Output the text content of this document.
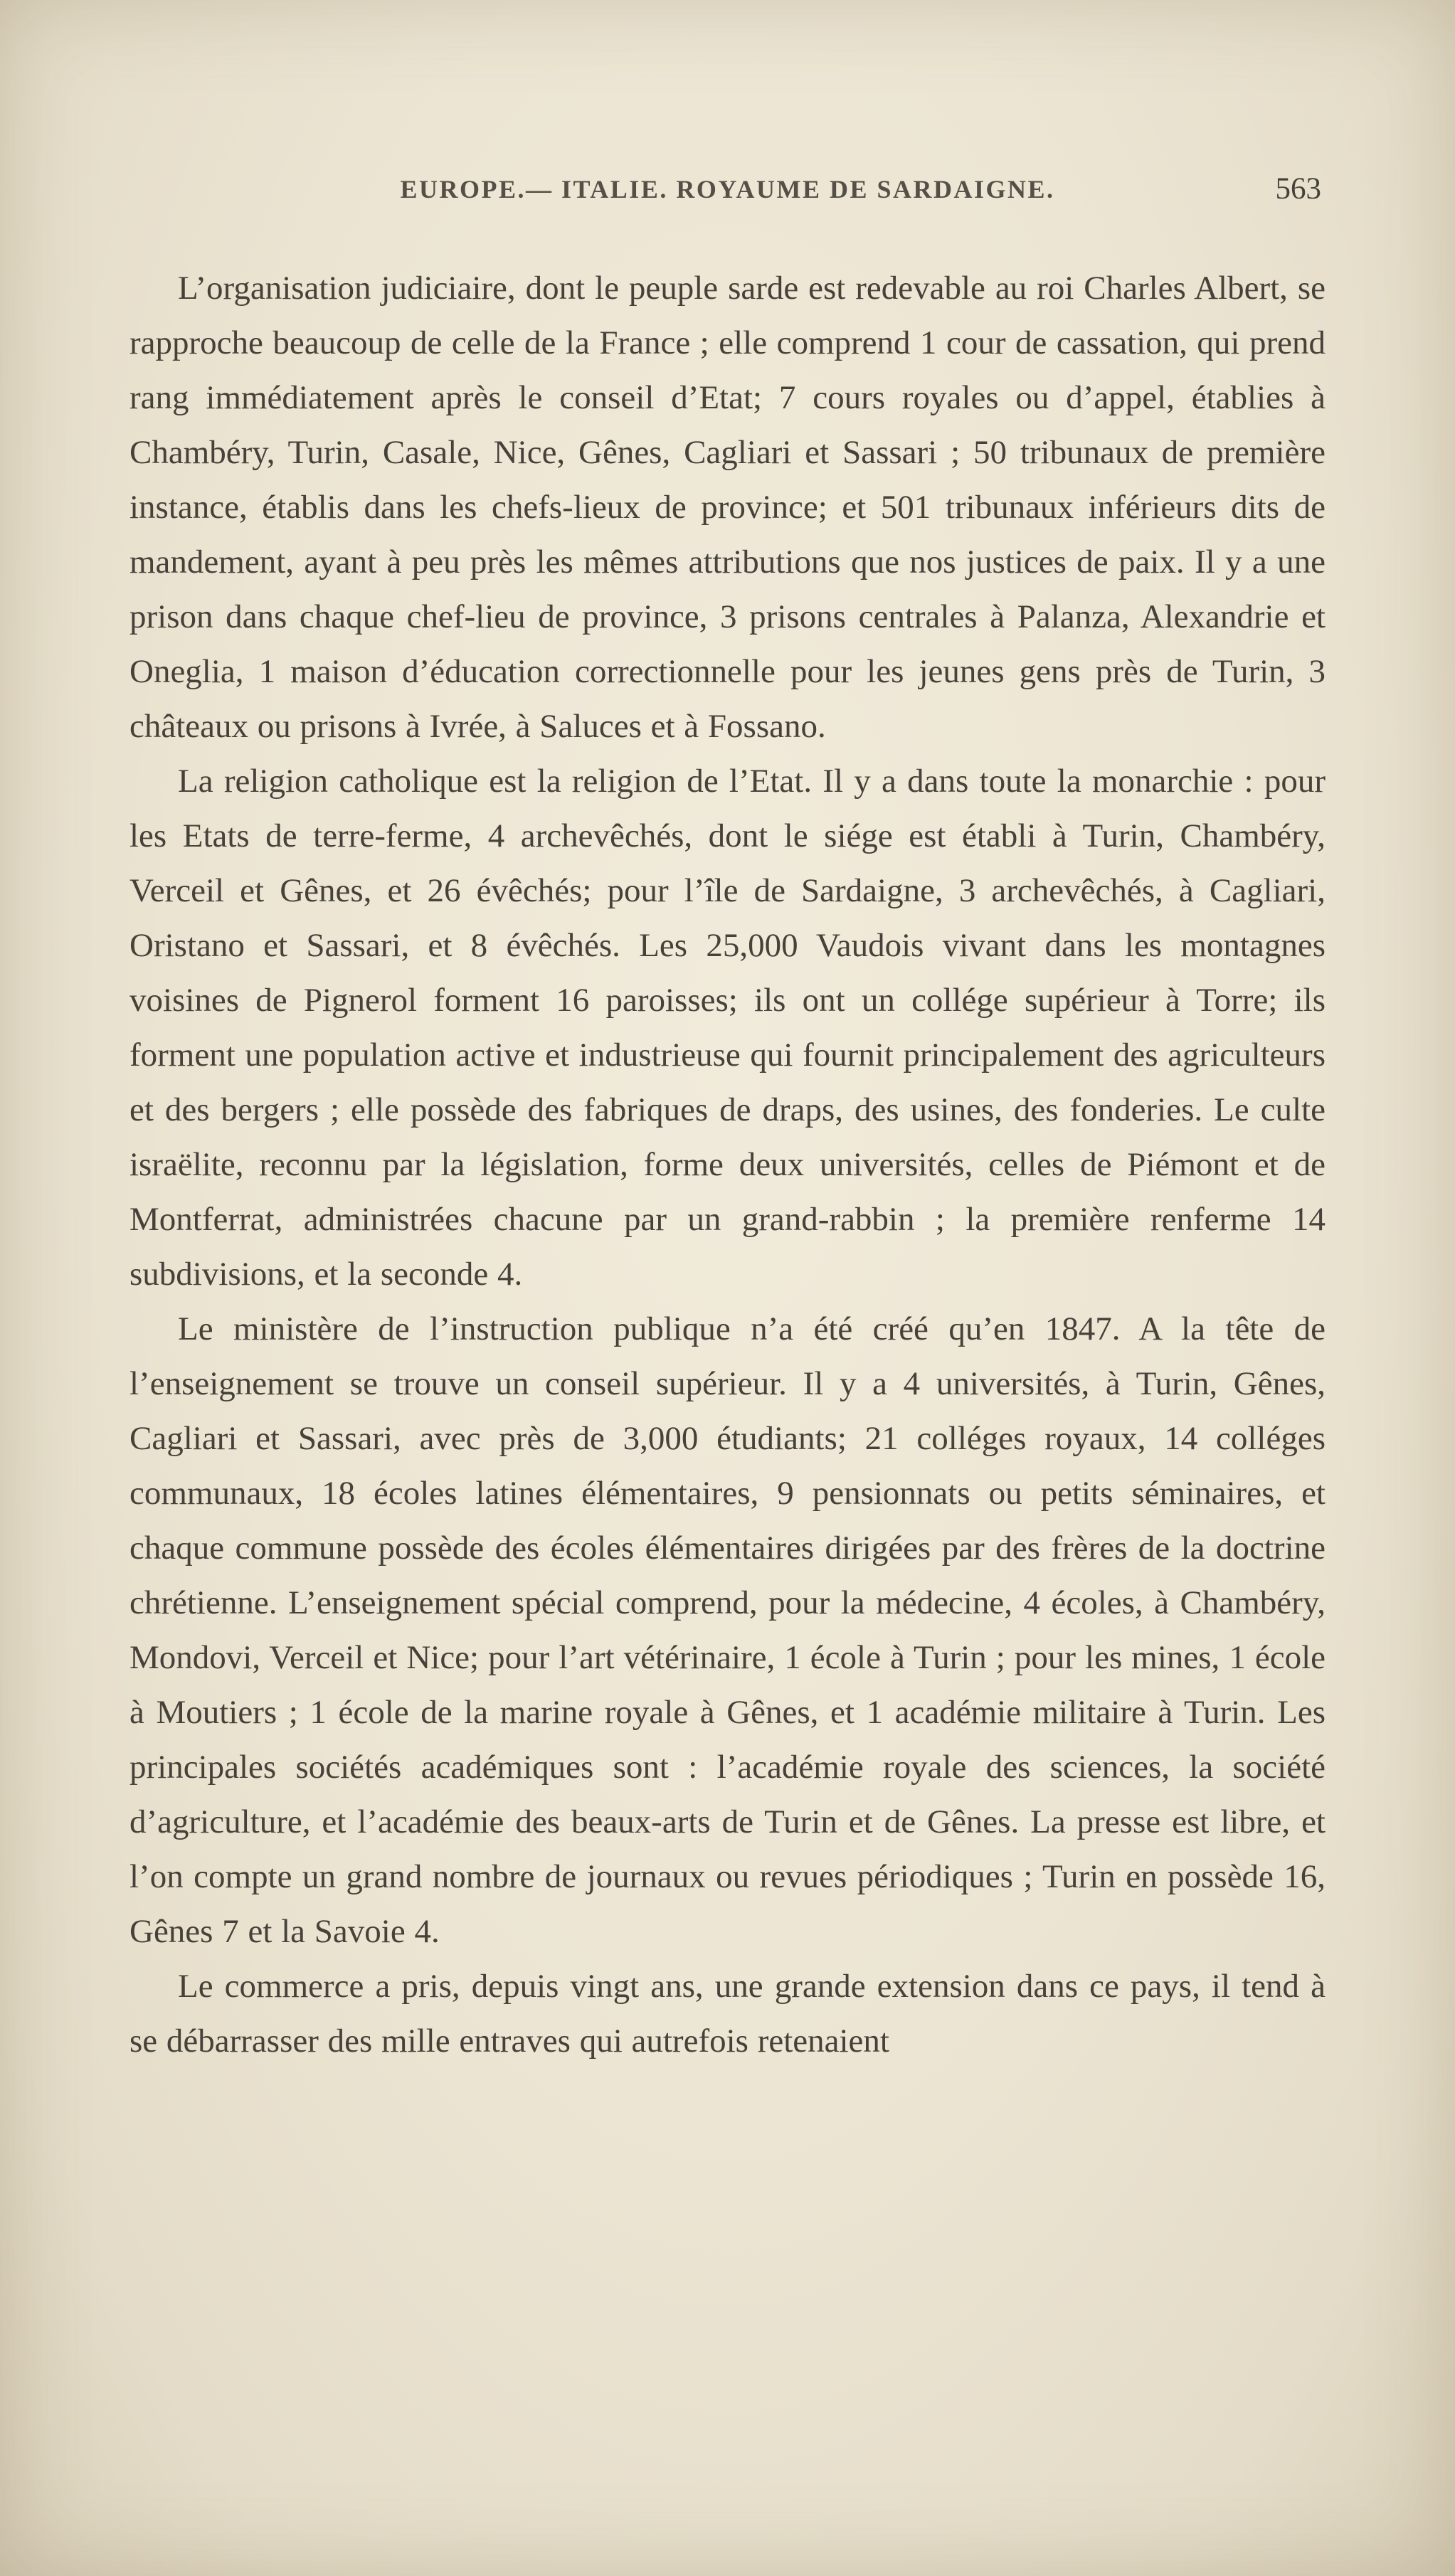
EUROPE.— ITALIE. ROYAUME DE SARDAIGNE.	563

L’organisation judiciaire, dont le peuple sarde est redevable au roi Charles Albert, se rapproche beaucoup de celle de la France ; elle comprend 1 cour de cassation, qui prend rang immédiatement après le conseil d’Etat; 7 cours royales ou d’appel, établies à Chambéry, Turin, Casale, Nice, Gênes, Cagliari et Sassari ; 50 tribunaux de première instance, établis dans les chefs-lieux de province; et 501 tribunaux inférieurs dits de mandement, ayant à peu près les mêmes attributions que nos justices de paix. Il y a une prison dans chaque chef-lieu de province, 3 prisons centrales à Palanza, Alexandrie et Oneglia, 1 maison d’éducation correctionnelle pour les jeunes gens près de Turin, 3 châteaux ou prisons à Ivrée, à Saluces et à Fossano.

La religion catholique est la religion de l’Etat. Il y a dans toute la monarchie : pour les Etats de terre-ferme, 4 archevêchés, dont le siége est établi à Turin, Chambéry, Verceil et Gênes, et 26 évêchés; pour l’île de Sardaigne, 3 archevêchés, à Cagliari, Oristano et Sassari, et 8 évêchés. Les 25,000 Vaudois vivant dans les montagnes voisines de Pignerol forment 16 paroisses; ils ont un collége supérieur à Torre; ils forment une population active et industrieuse qui fournit principalement des agriculteurs et des bergers ; elle possède des fabriques de draps, des usines, des fonderies. Le culte israëlite, reconnu par la législation, forme deux universités, celles de Piémont et de Montferrat, administrées chacune par un grand-rabbin ; la première renferme 14 subdivisions, et la seconde 4.

Le ministère de l’instruction publique n’a été créé qu’en 1847. A la tête de l’enseignement se trouve un conseil supérieur. Il y a 4 universités, à Turin, Gênes, Cagliari et Sassari, avec près de 3,000 étudiants; 21 colléges royaux, 14 colléges communaux, 18 écoles latines élémentaires, 9 pensionnats ou petits séminaires, et chaque commune possède des écoles élémentaires dirigées par des frères de la doctrine chrétienne. L’enseignement spécial comprend, pour la médecine, 4 écoles, à Chambéry, Mondovi, Verceil et Nice; pour l’art vétérinaire, 1 école à Turin ; pour les mines, 1 école à Moutiers ; 1 école de la marine royale à Gênes, et 1 académie militaire à Turin. Les principales sociétés académiques sont : l’académie royale des sciences, la société d’agriculture, et l’académie des beaux-arts de Turin et de Gênes. La presse est libre, et l’on compte un grand nombre de journaux ou revues périodiques ; Turin en possède 16, Gênes 7 et la Savoie 4.

Le commerce a pris, depuis vingt ans, une grande extension dans ce pays, il tend à se débarrasser des mille entraves qui autrefois retenaient
